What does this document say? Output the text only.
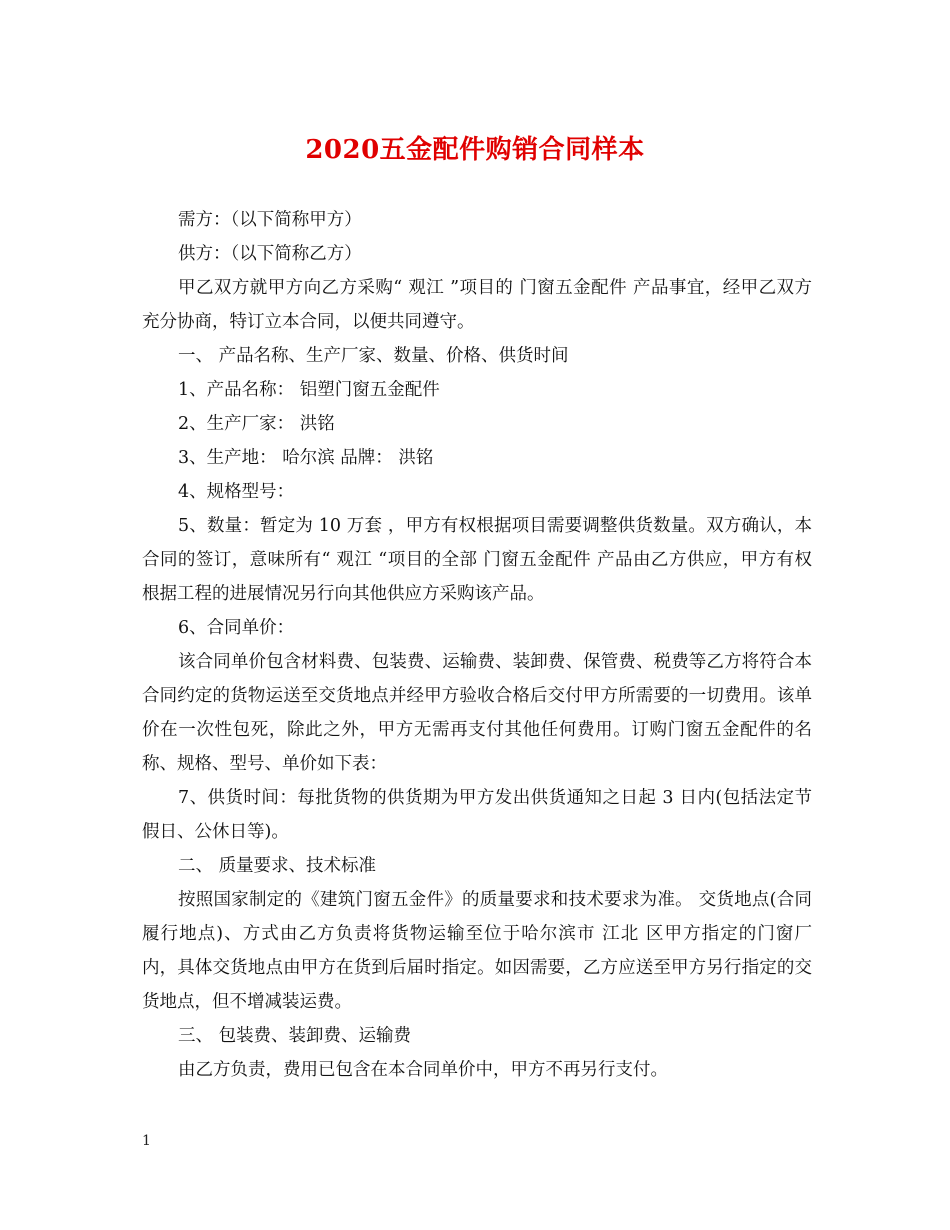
2020五金配件购销合同样本

需方：（以下简称甲方）

供方：（以下简称乙方）

甲乙双方就甲方向乙方采购“ 观江 ”项目的 门窗五金配件 产品事宜，经甲乙双方充分协商，特订立本合同，以便共同遵守。

一、 产品名称、生产厂家、数量、价格、供货时间

1、产品名称： 铝塑门窗五金配件

2、生产厂家： 洪铭

3、生产地： 哈尔滨 品牌： 洪铭

4、规格型号：

5、数量：暂定为 10 万套 ，甲方有权根据项目需要调整供货数量。双方确认，本合同的签订，意味所有“ 观江 “项目的全部 门窗五金配件 产品由乙方供应，甲方有权根据工程的进展情况另行向其他供应方采购该产品。

6、合同单价：

该合同单价包含材料费、包装费、运输费、装卸费、保管费、税费等乙方将符合本合同约定的货物运送至交货地点并经甲方验收合格后交付甲方所需要的一切费用。该单价在一次性包死，除此之外，甲方无需再支付其他任何费用。订购门窗五金配件的名称、规格、型号、单价如下表：

7、供货时间：每批货物的供货期为甲方发出供货通知之日起 3 日内(包括法定节假日、公休日等)。

二、 质量要求、技术标准

按照国家制定的《建筑门窗五金件》的质量要求和技术要求为准。 交货地点(合同履行地点)、方式由乙方负责将货物运输至位于哈尔滨市 江北 区甲方指定的门窗厂 内，具体交货地点由甲方在货到后届时指定。如因需要，乙方应送至甲方另行指定的交货地点，但不增减装运费。

三、 包装费、装卸费、运输费

由乙方负责，费用已包含在本合同单价中，甲方不再另行支付。

1
